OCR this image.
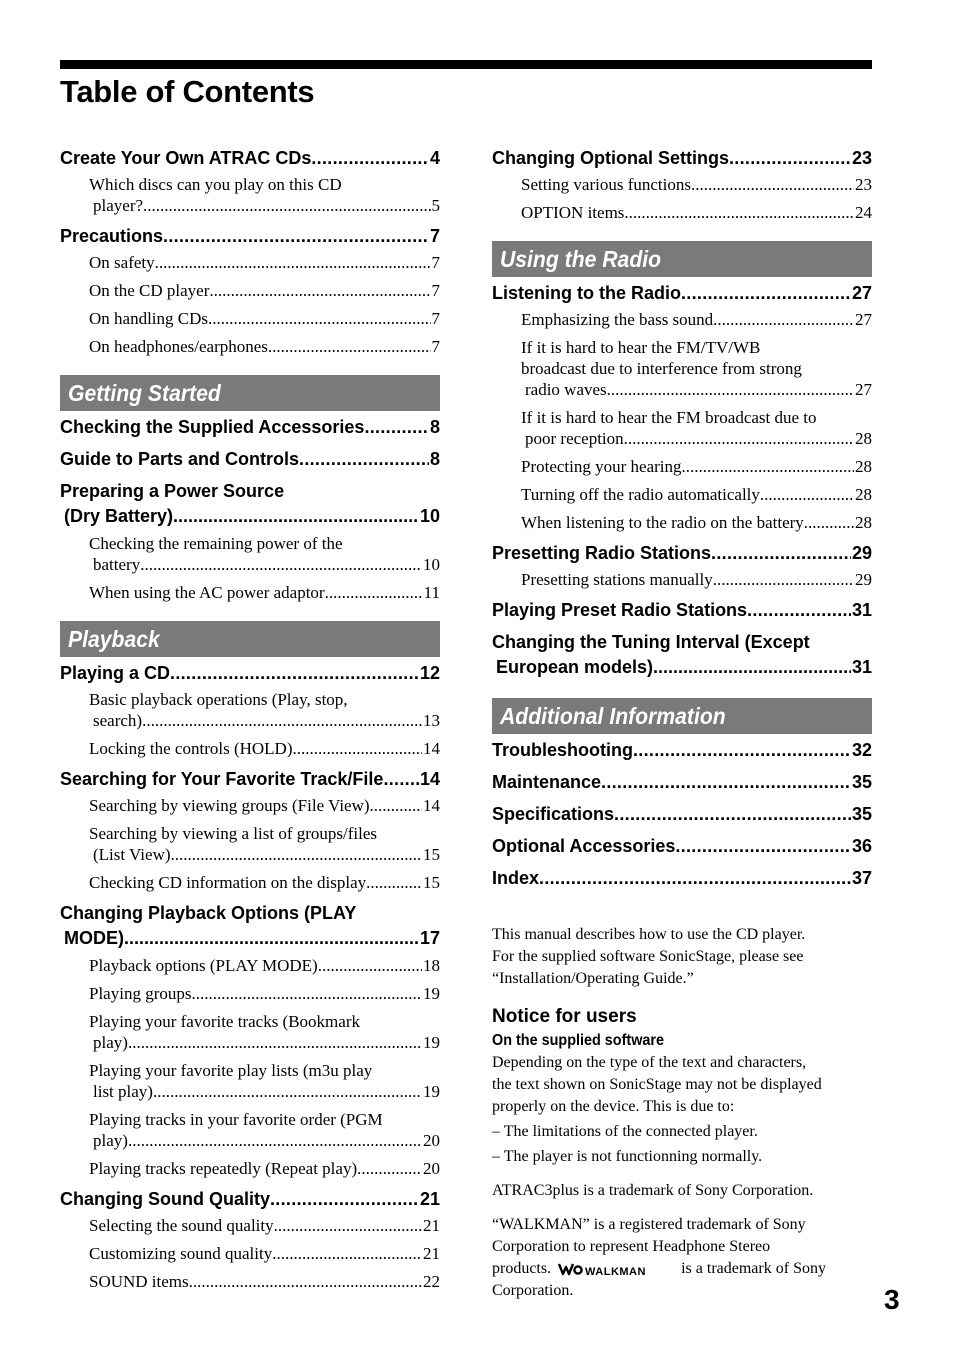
Table of Contents
Create Your Own ATRAC CDs .....	4
Which discs can you play on this CD
player? .....	5
Precautions .....	7
On safety .....	7
On the CD player .....	7
On handling CDs .....	7
On headphones/earphones .....	7
Getting Started
Checking the Supplied Accessories .....	8
Guide to Parts and Controls .....	8
Preparing a Power Source
(Dry Battery) .....	10
Checking the remaining power of the
battery .....	10
When using the AC power adaptor .....	11
Playback
Playing a CD .....	12
Basic playback operations (Play, stop,
search) .....	13
Locking the controls (HOLD) .....	14
Searching for Your Favorite Track/File ..... 14
Searching by viewing groups (File View) .....	14
Searching by viewing a list of groups/files
(List View) .....	15
Checking CD information on the display .....	15
Changing Playback Options (PLAY
MODE) .....	17
Playback options (PLAY MODE) .....	18
Playing groups .....	19
Playing your favorite tracks (Bookmark
play) .....	19
Playing your favorite play lists (m3u play
list play) .....	19
Playing tracks in your favorite order (PGM
play) .....	20
Playing tracks repeatedly (Repeat play) .....	20
Changing Sound Quality .....	21
Selecting the sound quality .....	21
Customizing sound quality .....	21
SOUND items .....	22
Changing Optional Settings .....	23
Setting various functions .....	23
OPTION items .....	24
Using the Radio
Listening to the Radio .....	27
Emphasizing the bass sound .....	27
If it is hard to hear the FM/TV/WB
broadcast due to interference from strong
radio waves .....	27
If it is hard to hear the FM broadcast due to
poor reception .....	28
Protecting your hearing .....	28
Turning off the radio automatically .....	28
When listening to the radio on the battery .....	28
Presetting Radio Stations .....	29
Presetting stations manually .....	29
Playing Preset Radio Stations .....	31
Changing the Tuning Interval (Except
European models) .....	31
Additional Information
Troubleshooting .....	32
Maintenance .....	35
Specifications .....	35
Optional Accessories .....	36
Index .....	37

This manual describes how to use the CD player.
For the supplied software SonicStage, please see
“Installation/Operating Guide.”

Notice for users
On the supplied software

Depending on the type of the text and characters,
the text shown on SonicStage may not be displayed
properly on the device. This is due to:

– The limitations of the connected player.

– The player is not functionning normally.

ATRAC3plus is a trademark of Sony Corporation.

“WALKMAN” is a registered trademark of Sony
Corporation to represent Headphone Stereo
products.	WALKMAN is a trademark of Sony
Corporation.	3
